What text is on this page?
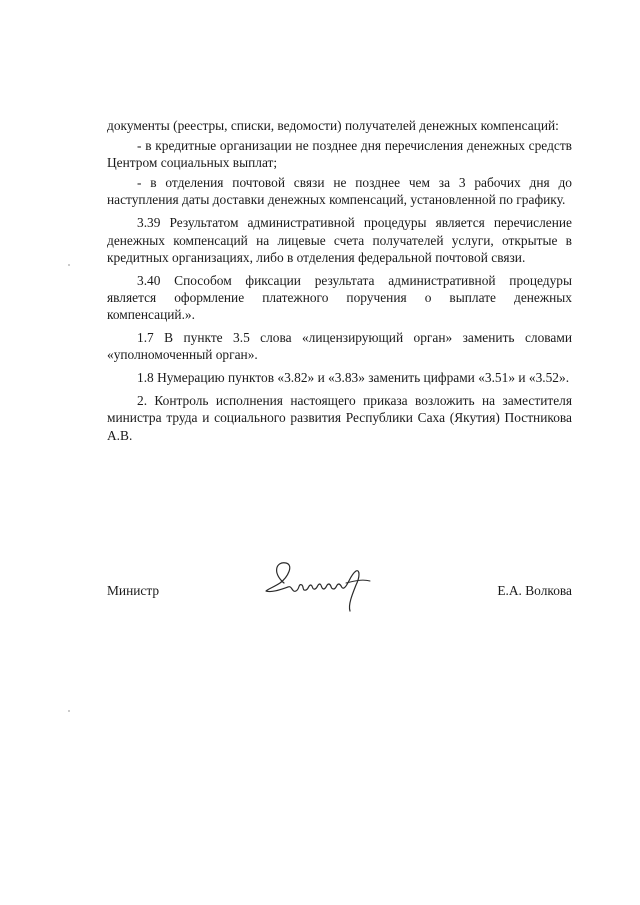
документы (реестры, списки, ведомости) получателей денежных компенсаций:

- в кредитные организации не позднее дня перечисления денежных средств Центром социальных выплат;

- в отделения почтовой связи не позднее чем за 3 рабочих дня до наступления даты доставки денежных компенсаций, установленной по графику.

3.39 Результатом административной процедуры является перечисление денежных компенсаций на лицевые счета получателей услуги, открытые в кредитных организациях, либо в отделения федеральной почтовой связи.

3.40 Способом фиксации результата административной процедуры является оформление платежного поручения о выплате денежных компенсаций.».

1.7 В пункте 3.5 слова «лицензирующий орган» заменить словами «уполномоченный орган».

1.8 Нумерацию пунктов «3.82» и «3.83» заменить цифрами «3.51» и «3.52».

2. Контроль исполнения настоящего приказа возложить на заместителя министра труда и социального развития Республики Саха (Якутия) Постникова А.В.

Министр	Е.А. Волкова
